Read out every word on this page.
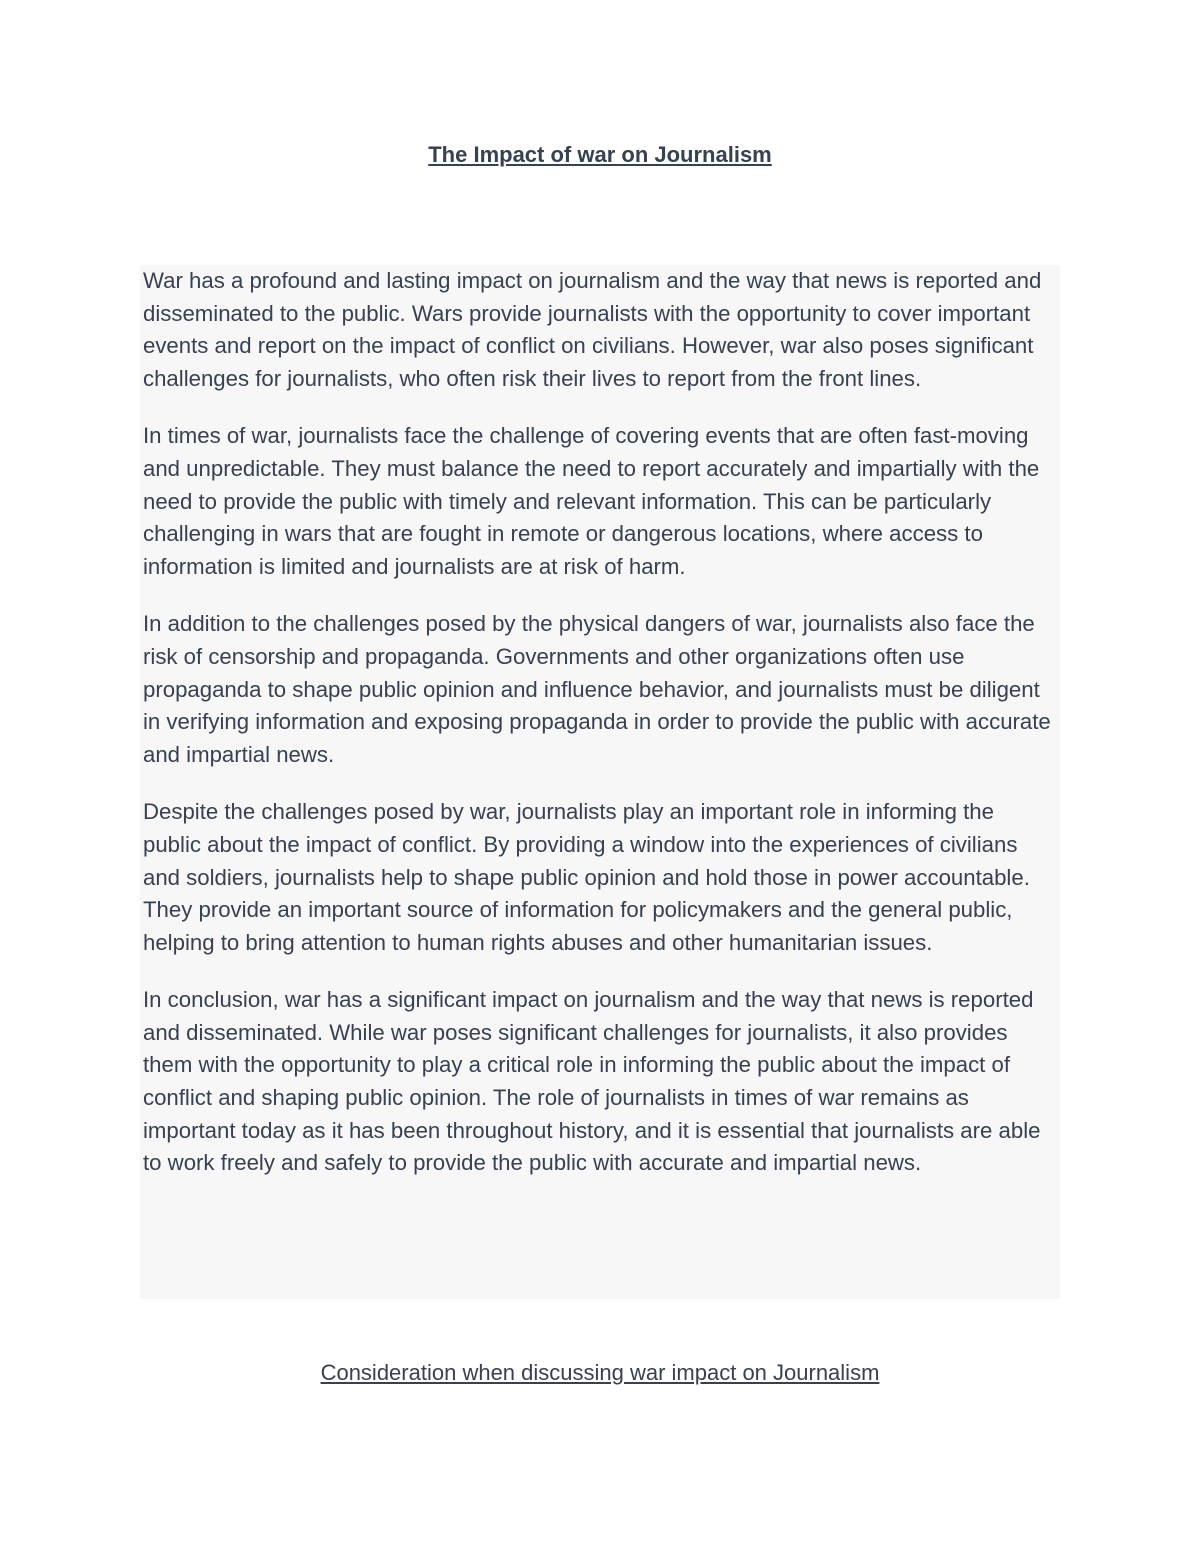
The Impact of war on Journalism

War has a profound and lasting impact on journalism and the way that news is reported and disseminated to the public. Wars provide journalists with the opportunity to cover important events and report on the impact of conflict on civilians. However, war also poses significant challenges for journalists, who often risk their lives to report from the front lines.

In times of war, journalists face the challenge of covering events that are often fast-moving and unpredictable. They must balance the need to report accurately and impartially with the need to provide the public with timely and relevant information. This can be particularly challenging in wars that are fought in remote or dangerous locations, where access to information is limited and journalists are at risk of harm.

In addition to the challenges posed by the physical dangers of war, journalists also face the risk of censorship and propaganda. Governments and other organizations often use propaganda to shape public opinion and influence behavior, and journalists must be diligent in verifying information and exposing propaganda in order to provide the public with accurate and impartial news.

Despite the challenges posed by war, journalists play an important role in informing the public about the impact of conflict. By providing a window into the experiences of civilians and soldiers, journalists help to shape public opinion and hold those in power accountable. They provide an important source of information for policymakers and the general public, helping to bring attention to human rights abuses and other humanitarian issues.

In conclusion, war has a significant impact on journalism and the way that news is reported and disseminated. While war poses significant challenges for journalists, it also provides them with the opportunity to play a critical role in informing the public about the impact of conflict and shaping public opinion. The role of journalists in times of war remains as important today as it has been throughout history, and it is essential that journalists are able to work freely and safely to provide the public with accurate and impartial news.

Consideration when discussing war impact on Journalism
